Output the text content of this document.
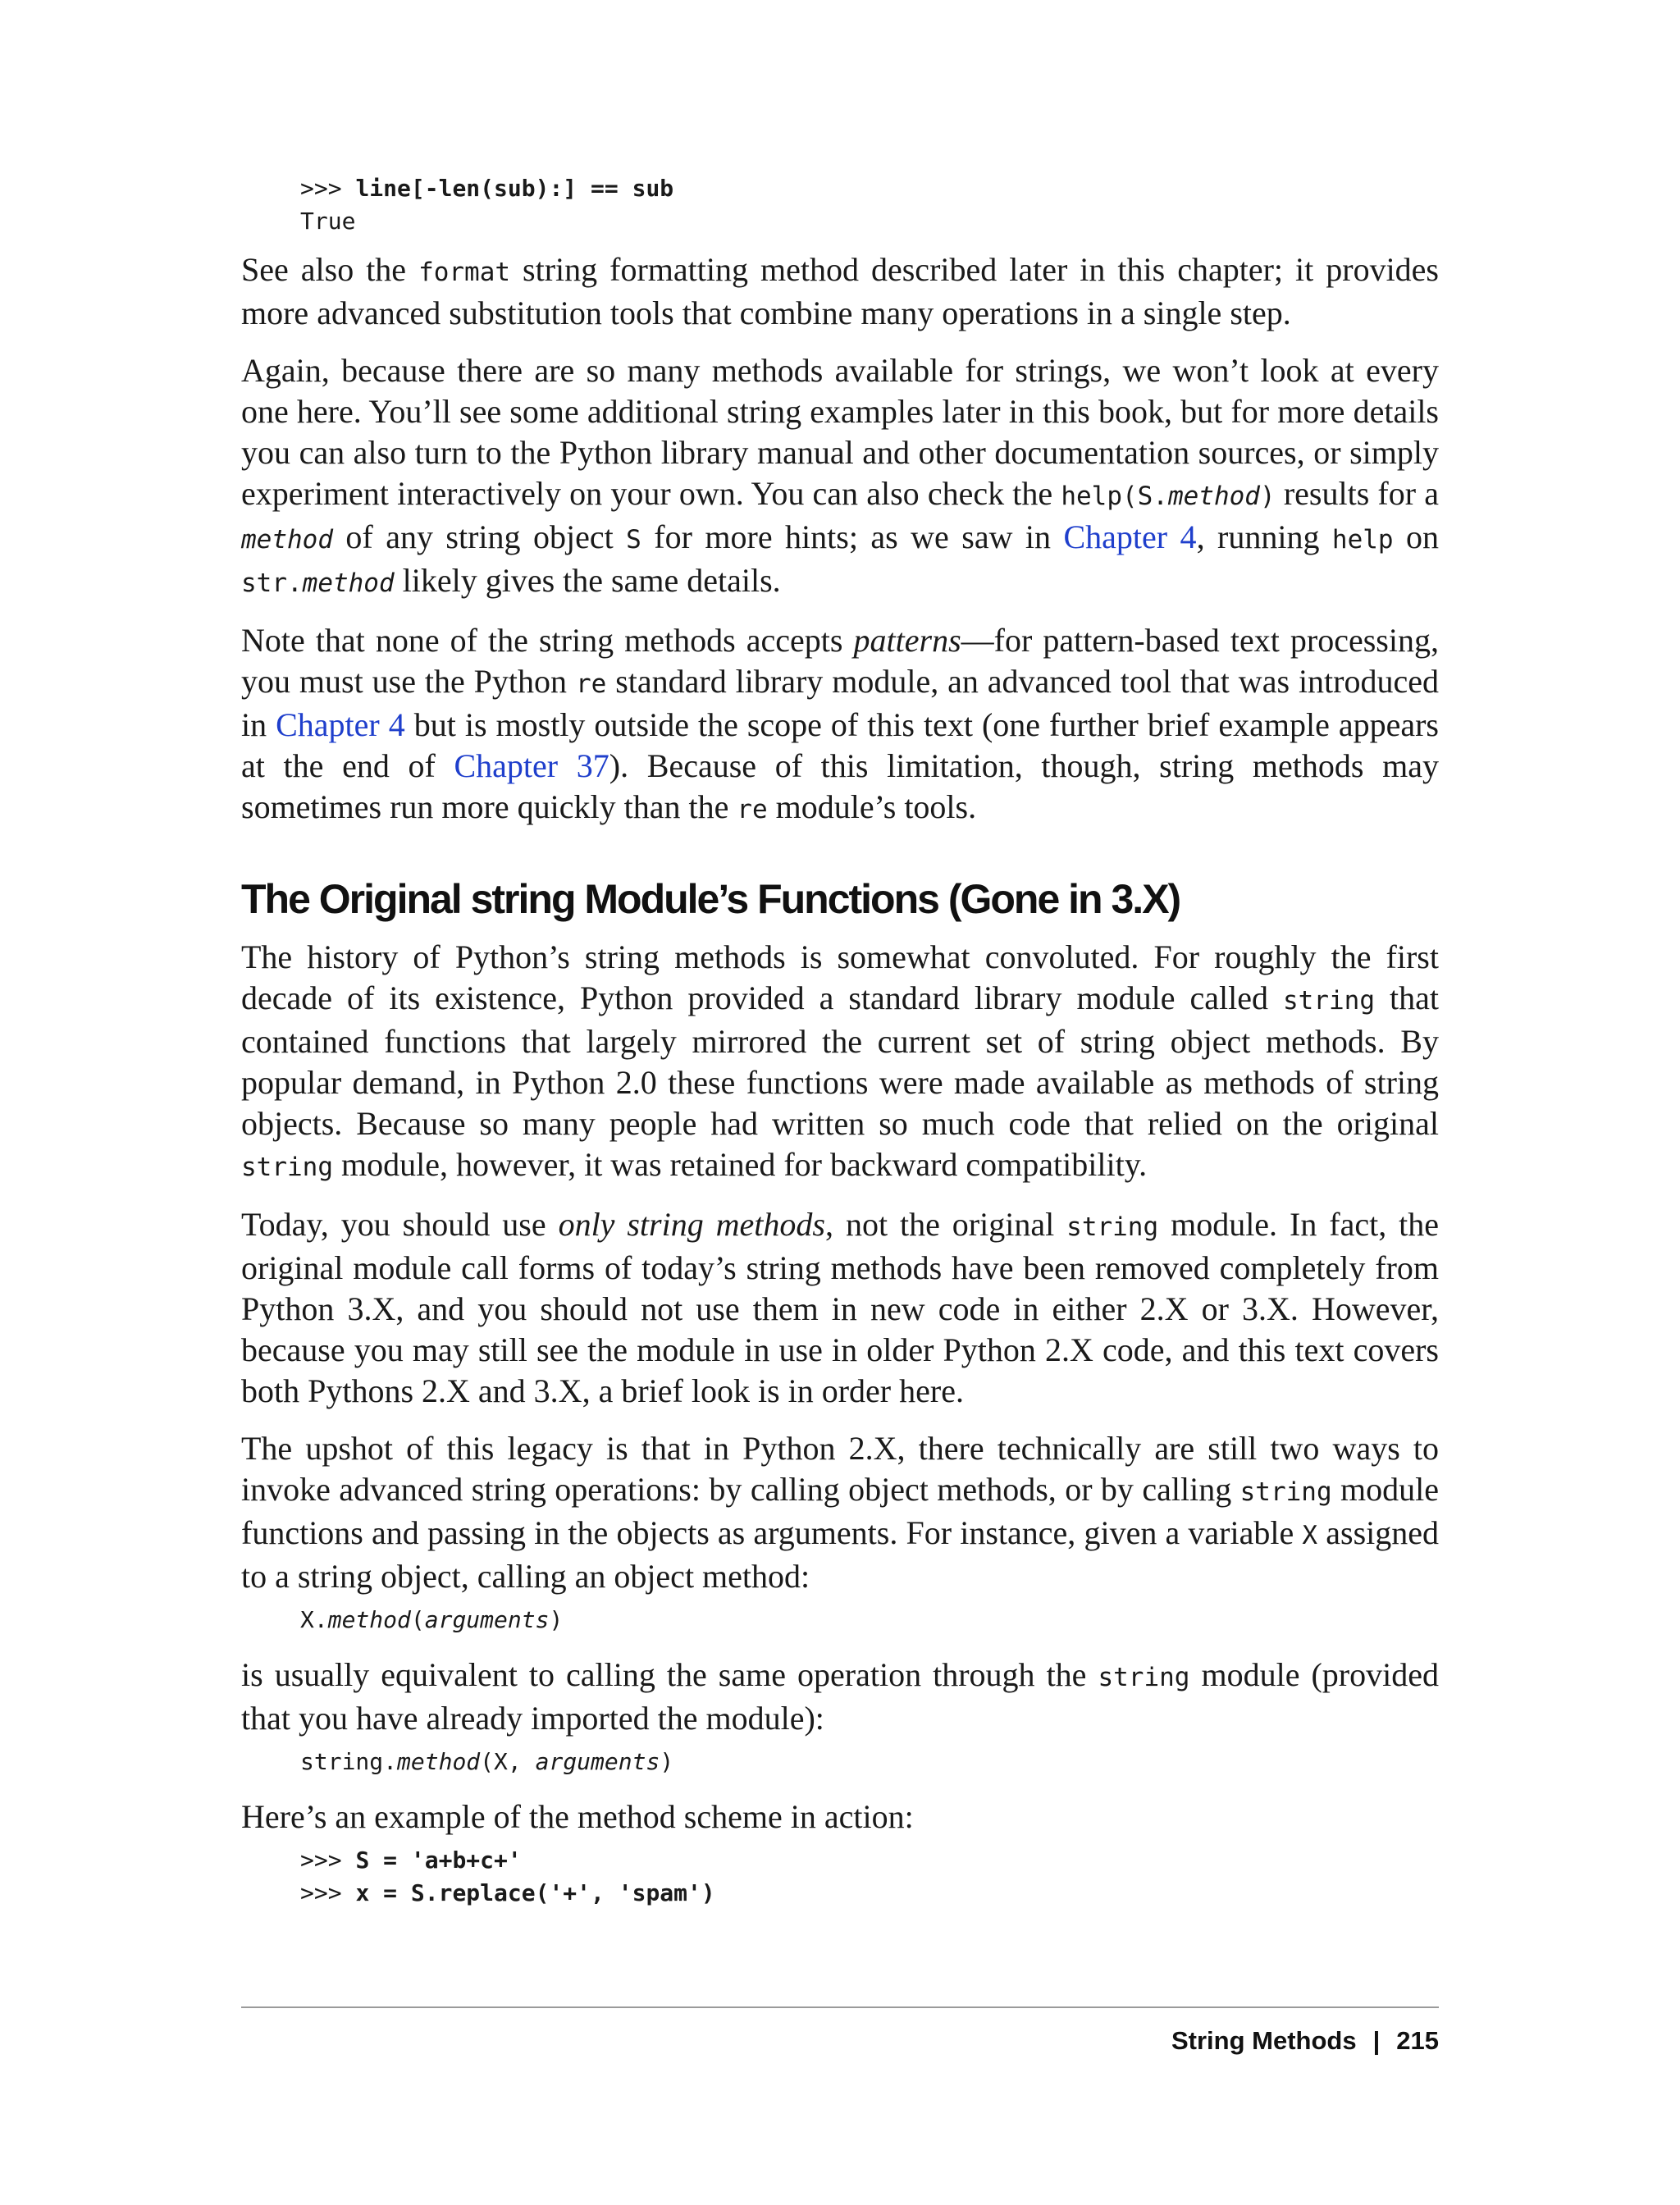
>>> line[-len(sub):] == sub
True

See also the format string formatting method described later in this chapter; it provides more advanced substitution tools that combine many operations in a single step.

Again, because there are so many methods available for strings, we won’t look at every one here. You’ll see some additional string examples later in this book, but for more details you can also turn to the Python library manual and other documentation sources, or simply experiment interactively on your own. You can also check the help(S.method) results for a method of any string object S for more hints; as we saw in Chapter 4, running help on str.method likely gives the same details.

Note that none of the string methods accepts patterns—for pattern-based text processing, you must use the Python re standard library module, an advanced tool that was introduced in Chapter 4 but is mostly outside the scope of this text (one further brief example appears at the end of Chapter 37). Because of this limitation, though, string methods may sometimes run more quickly than the re module’s tools.

The Original string Module’s Functions (Gone in 3.X)

The history of Python’s string methods is somewhat convoluted. For roughly the first decade of its existence, Python provided a standard library module called string that contained functions that largely mirrored the current set of string object methods. By popular demand, in Python 2.0 these functions were made available as methods of string objects. Because so many people had written so much code that relied on the original string module, however, it was retained for backward compatibility.

Today, you should use only string methods, not the original string module. In fact, the original module call forms of today’s string methods have been removed completely from Python 3.X, and you should not use them in new code in either 2.X or 3.X. However, because you may still see the module in use in older Python 2.X code, and this text covers both Pythons 2.X and 3.X, a brief look is in order here.

The upshot of this legacy is that in Python 2.X, there technically are still two ways to invoke advanced string operations: by calling object methods, or by calling string module functions and passing in the objects as arguments. For instance, given a variable X assigned to a string object, calling an object method:

X.method(arguments)

is usually equivalent to calling the same operation through the string module (provided that you have already imported the module):

string.method(X, arguments)

Here’s an example of the method scheme in action:

>>> S = 'a+b+c+'
>>> x = S.replace('+', 'spam')
String Methods | 215
